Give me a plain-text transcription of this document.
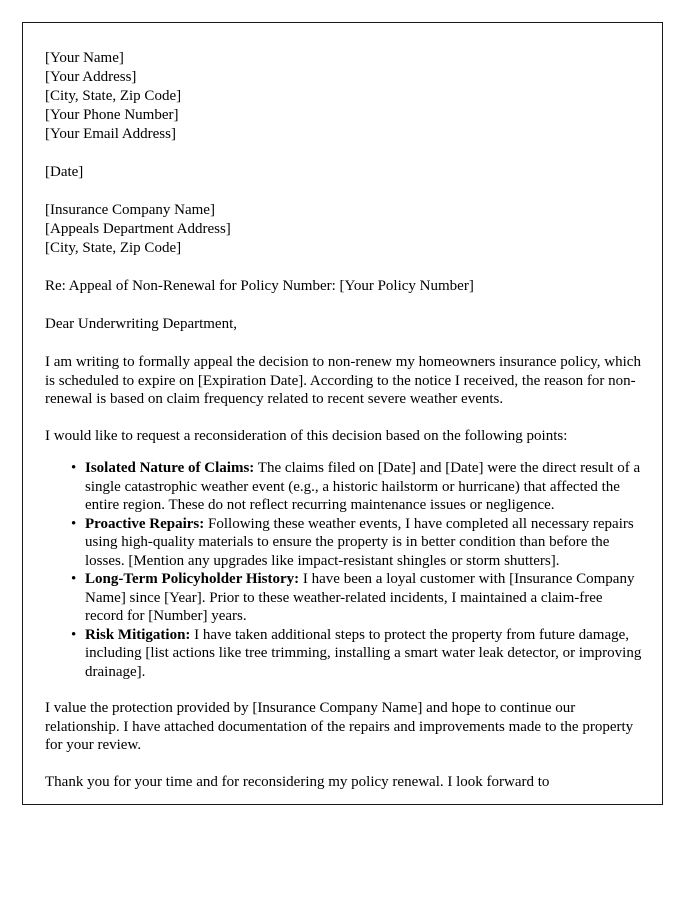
[Your Name]
[Your Address]
[City, State, Zip Code]
[Your Phone Number]
[Your Email Address]
[Date]
[Insurance Company Name]
[Appeals Department Address]
[City, State, Zip Code]
Re: Appeal of Non-Renewal for Policy Number: [Your Policy Number]
Dear Underwriting Department,

I am writing to formally appeal the decision to non-renew my homeowners insurance policy, which is scheduled to expire on [Expiration Date]. According to the notice I received, the reason for non-renewal is based on claim frequency related to recent severe weather events.

I would like to request a reconsideration of this decision based on the following points:

• Isolated Nature of Claims: The claims filed on [Date] and [Date] were the direct result of a single catastrophic weather event (e.g., a historic hailstorm or hurricane) that affected the entire region. These do not reflect recurring maintenance issues or negligence.
• Proactive Repairs: Following these weather events, I have completed all necessary repairs using high-quality materials to ensure the property is in better condition than before the losses. [Mention any upgrades like impact-resistant shingles or storm shutters].
• Long-Term Policyholder History: I have been a loyal customer with [Insurance Company Name] since [Year]. Prior to these weather-related incidents, I maintained a claim-free record for [Number] years.
• Risk Mitigation: I have taken additional steps to protect the property from future damage, including [list actions like tree trimming, installing a smart water leak detector, or improving drainage].

I value the protection provided by [Insurance Company Name] and hope to continue our relationship. I have attached documentation of the repairs and improvements made to the property for your review.

Thank you for your time and for reconsidering my policy renewal. I look forward to
